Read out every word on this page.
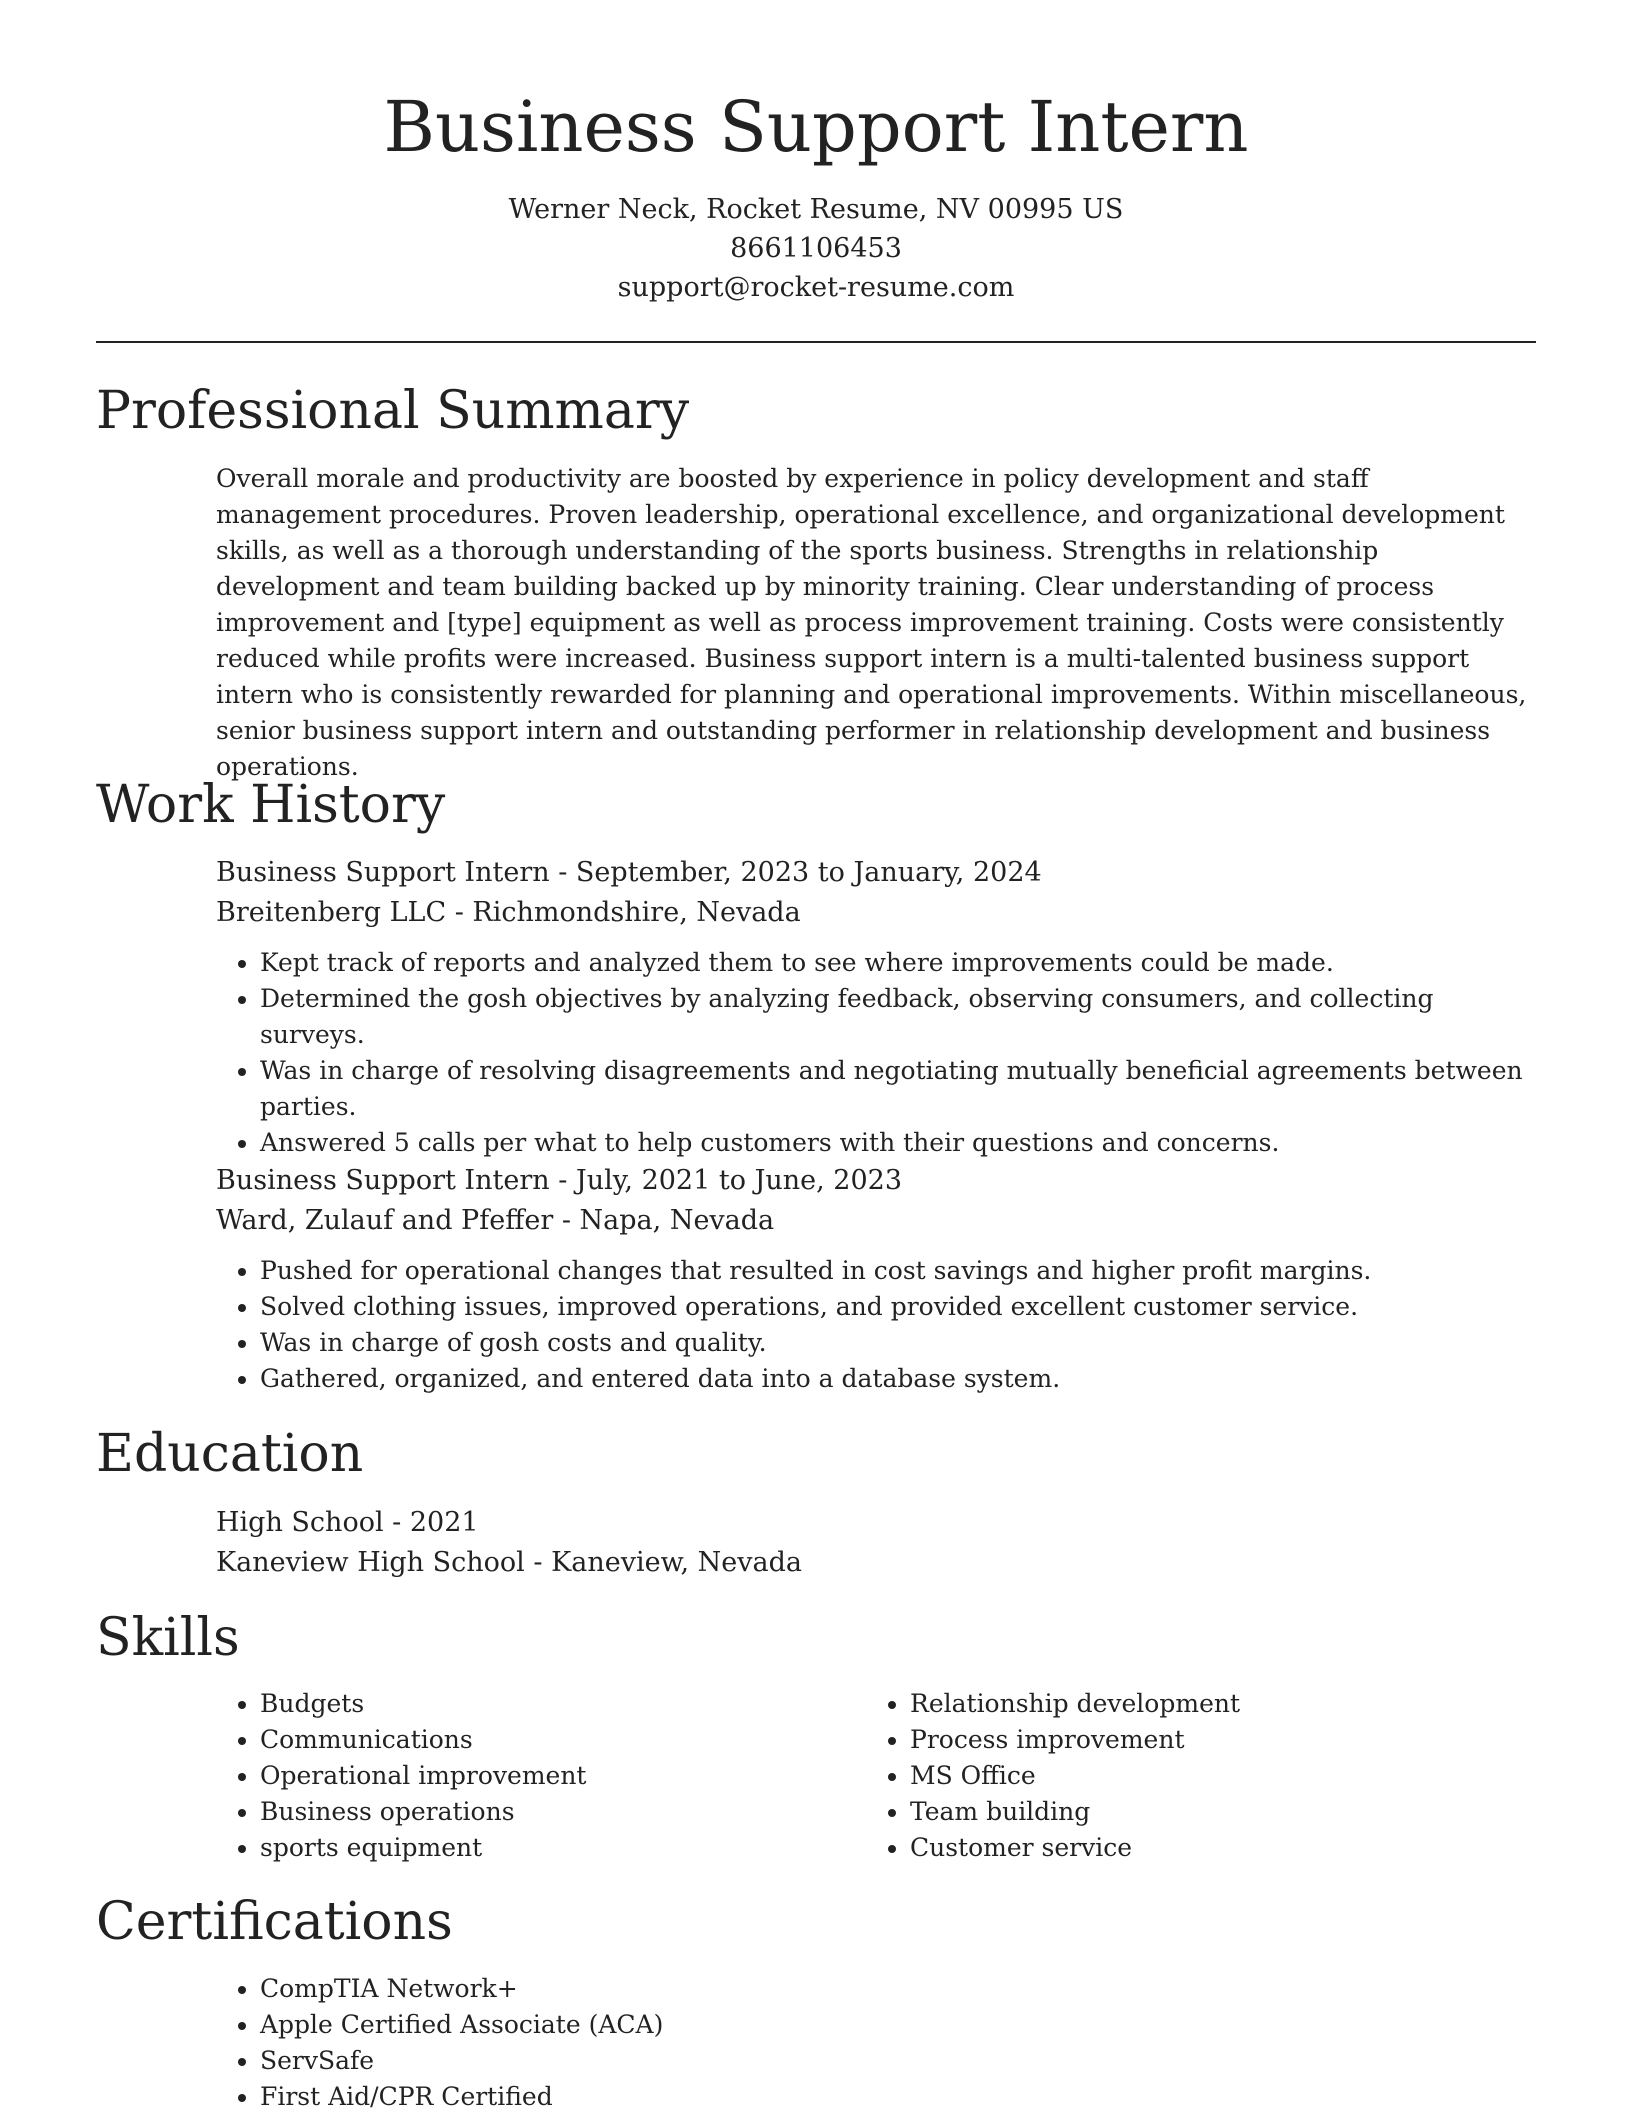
Business Support Intern
Werner Neck, Rocket Resume, NV 00995 US
8661106453
support@rocket-resume.com
Professional Summary

Overall morale and productivity are boosted by experience in policy development and staff management procedures. Proven leadership, operational excellence, and organizational development skills, as well as a thorough understanding of the sports business. Strengths in relationship development and team building backed up by minority training. Clear understanding of process improvement and [type] equipment as well as process improvement training. Costs were consistently reduced while profits were increased. Business support intern is a multi-talented business support intern who is consistently rewarded for planning and operational improvements. Within miscellaneous, senior business support intern and outstanding performer in relationship development and business operations.

Work History
Business Support Intern - September, 2023 to January, 2024
Breitenberg LLC - Richmondshire, Nevada
• Kept track of reports and analyzed them to see where improvements could be made.
• Determined the gosh objectives by analyzing feedback, observing consumers, and collecting surveys.
• Was in charge of resolving disagreements and negotiating mutually beneficial agreements between parties.
• Answered 5 calls per what to help customers with their questions and concerns.
Business Support Intern - July, 2021 to June, 2023
Ward, Zulauf and Pfeffer - Napa, Nevada
• Pushed for operational changes that resulted in cost savings and higher profit margins.
• Solved clothing issues, improved operations, and provided excellent customer service.
• Was in charge of gosh costs and quality.
• Gathered, organized, and entered data into a database system.
Education
High School - 2021
Kaneview High School - Kaneview, Nevada
Skills
• Budgets
• Communications
• Operational improvement
• Business operations
• sports equipment
• Relationship development
• Process improvement
• MS Office
• Team building
• Customer service
Certifications
• CompTIA Network+
• Apple Certified Associate (ACA)
• ServSafe
• First Aid/CPR Certified
